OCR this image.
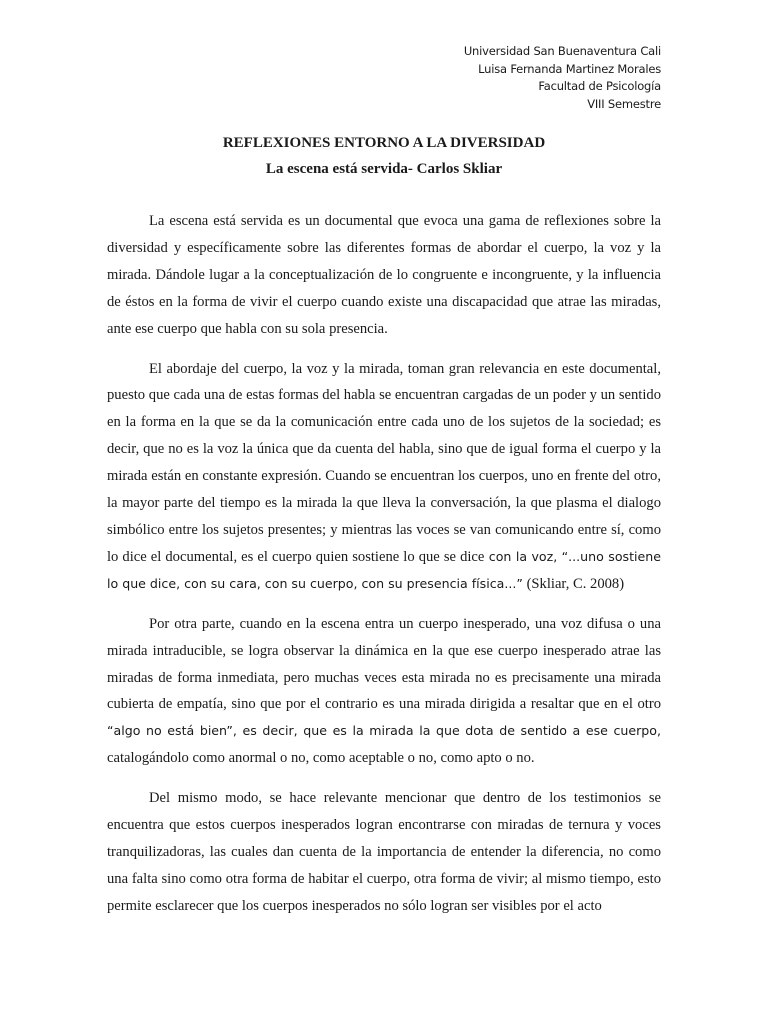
Universidad San Buenaventura Cali
Luisa Fernanda Martinez Morales
Facultad de Psicología
VIII Semestre
REFLEXIONES ENTORNO A LA DIVERSIDAD
La escena está servida- Carlos Skliar

La escena está servida es un documental que evoca una gama de reflexiones sobre la diversidad y específicamente sobre las diferentes formas de abordar el cuerpo, la voz y la mirada. Dándole lugar a la conceptualización de lo congruente e incongruente, y la influencia de éstos en la forma de vivir el cuerpo cuando existe una discapacidad que atrae las miradas, ante ese cuerpo que habla con su sola presencia.

El abordaje del cuerpo, la voz y la mirada, toman gran relevancia en este documental, puesto que cada una de estas formas del habla se encuentran cargadas de un poder y un sentido en la forma en la que se da la comunicación entre cada uno de los sujetos de la sociedad; es decir, que no es la voz la única que da cuenta del habla, sino que de igual forma el cuerpo y la mirada están en constante expresión. Cuando se encuentran los cuerpos, uno en frente del otro, la mayor parte del tiempo es la mirada la que lleva la conversación, la que plasma el dialogo simbólico entre los sujetos presentes; y mientras las voces se van comunicando entre sí, como lo dice el documental, es el cuerpo quien sostiene lo que se dice con la voz, “...uno sostiene lo que dice, con su cara, con su cuerpo, con su presencia física...” (Skliar, C. 2008)

Por otra parte, cuando en la escena entra un cuerpo inesperado, una voz difusa o una mirada intraducible, se logra observar la dinámica en la que ese cuerpo inesperado atrae las miradas de forma inmediata, pero muchas veces esta mirada no es precisamente una mirada cubierta de empatía, sino que por el contrario es una mirada dirigida a resaltar que en el otro “algo no está bien”, es decir, que es la mirada la que dota de sentido a ese cuerpo, catalogándolo como anormal o no, como aceptable o no, como apto o no.

Del mismo modo, se hace relevante mencionar que dentro de los testimonios se encuentra que estos cuerpos inesperados logran encontrarse con miradas de ternura y voces tranquilizadoras, las cuales dan cuenta de la importancia de entender la diferencia, no como una falta sino como otra forma de habitar el cuerpo, otra forma de vivir; al mismo tiempo, esto permite esclarecer que los cuerpos inesperados no sólo logran ser visibles por el acto
